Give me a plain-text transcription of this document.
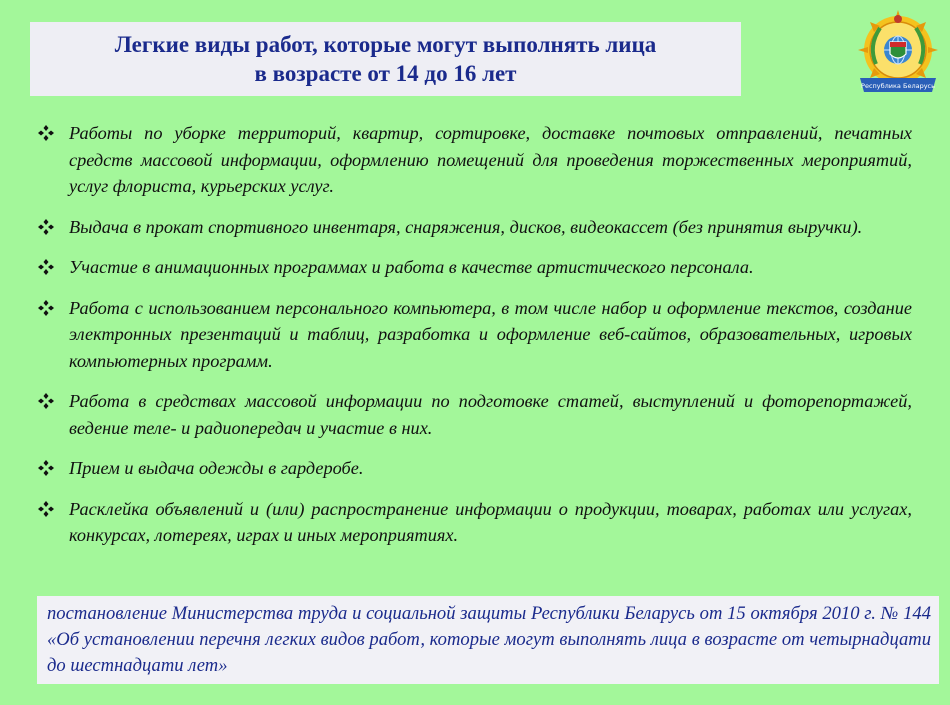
Легкие виды работ, которые могут выполнять лица
в возрасте от 14 до 16 лет	Республика Беларусь
Работы по уборке территорий, квартир, сортировке, доставке почтовых отправлений, печатных средств массовой информации, оформлению помещений для проведения торжественных мероприятий, услуг флориста, курьерских услуг.
Выдача в прокат спортивного инвентаря, снаряжения, дисков, видеокассет (без принятия выручки).
Участие в анимационных программах и работа в качестве артистического персонала.
Работа с использованием персонального компьютера, в том числе набор и оформление текстов, создание электронных презентаций и таблиц, разработка и оформление веб-сайтов, образовательных, игровых компьютерных программ.
Работа в средствах массовой информации по подготовке статей, выступлений и фоторепортажей, ведение теле- и радиопередач и участие в них.
Прием и выдача одежды в гардеробе.
Расклейка объявлений и (или) распространение информации о продукции, товарах, работах или услугах, конкурсах, лотереях, играх и иных мероприятиях.
постановление Министерства труда и социальной защиты Республики Беларусь от 15 октября 2010 г. № 144 «Об установлении перечня легких видов работ, которые могут выполнять лица в возрасте от четырнадцати до шестнадцати лет»
